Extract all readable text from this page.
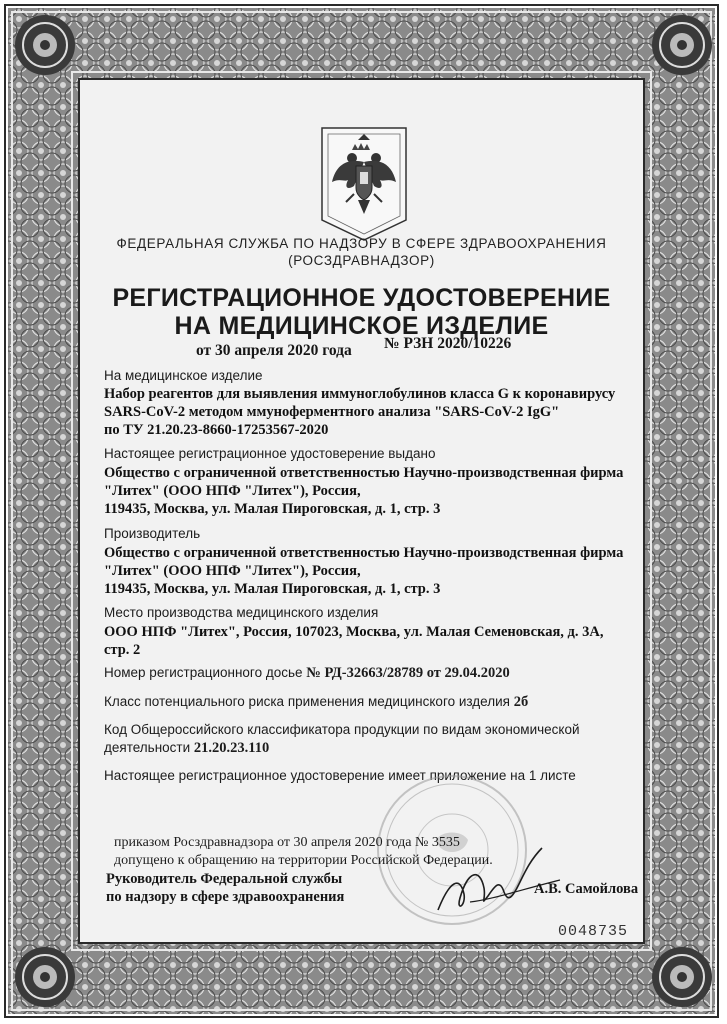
ФЕДЕРАЛЬНАЯ СЛУЖБА ПО НАДЗОРУ В СФЕРЕ ЗДРАВООХРАНЕНИЯ
(РОСЗДРАВНАДЗОР)
РЕГИСТРАЦИОННОЕ УДОСТОВЕРЕНИЕ
НА МЕДИЦИНСКОЕ ИЗДЕЛИЕ
от 30 апреля 2020 года № РЗН 2020/10226
На медицинское изделие
Набор реагентов для выявления иммуноглобулинов класса G к коронавирусу
SARS-CoV-2 методом ммуноферментного анализа "SARS-CoV-2 IgG"
по ТУ 21.20.23-8660-17253567-2020
Настоящее регистрационное удостоверение выдано
Общество с ограниченной ответственностью Научно-производственная фирма
"Литех" (ООО НПФ "Литех"), Россия,
119435, Москва, ул. Малая Пироговская, д. 1, стр. 3
Производитель
Общество с ограниченной ответственностью Научно-производственная фирма
"Литех" (ООО НПФ "Литех"), Россия,
119435, Москва, ул. Малая Пироговская, д. 1, стр. 3
Место производства медицинского изделия
ООО НПФ "Литех", Россия, 107023, Москва, ул. Малая Семеновская, д. 3А,
стр. 2
Номер регистрационного досье № РД-32663/28789 от 29.04.2020
Класс потенциального риска применения медицинского изделия 2б
Код Общероссийского классификатора продукции по видам экономической
деятельности 21.20.23.110
Настоящее регистрационное удостоверение имеет приложение на 1 листе
приказом Росздравнадзора от 30 апреля 2020 года № 3535
допущено к обращению на территории Российской Федерации.
Руководитель Федеральной службы
по надзору в сфере здравоохранения	А.В. Самойлова
0048735
